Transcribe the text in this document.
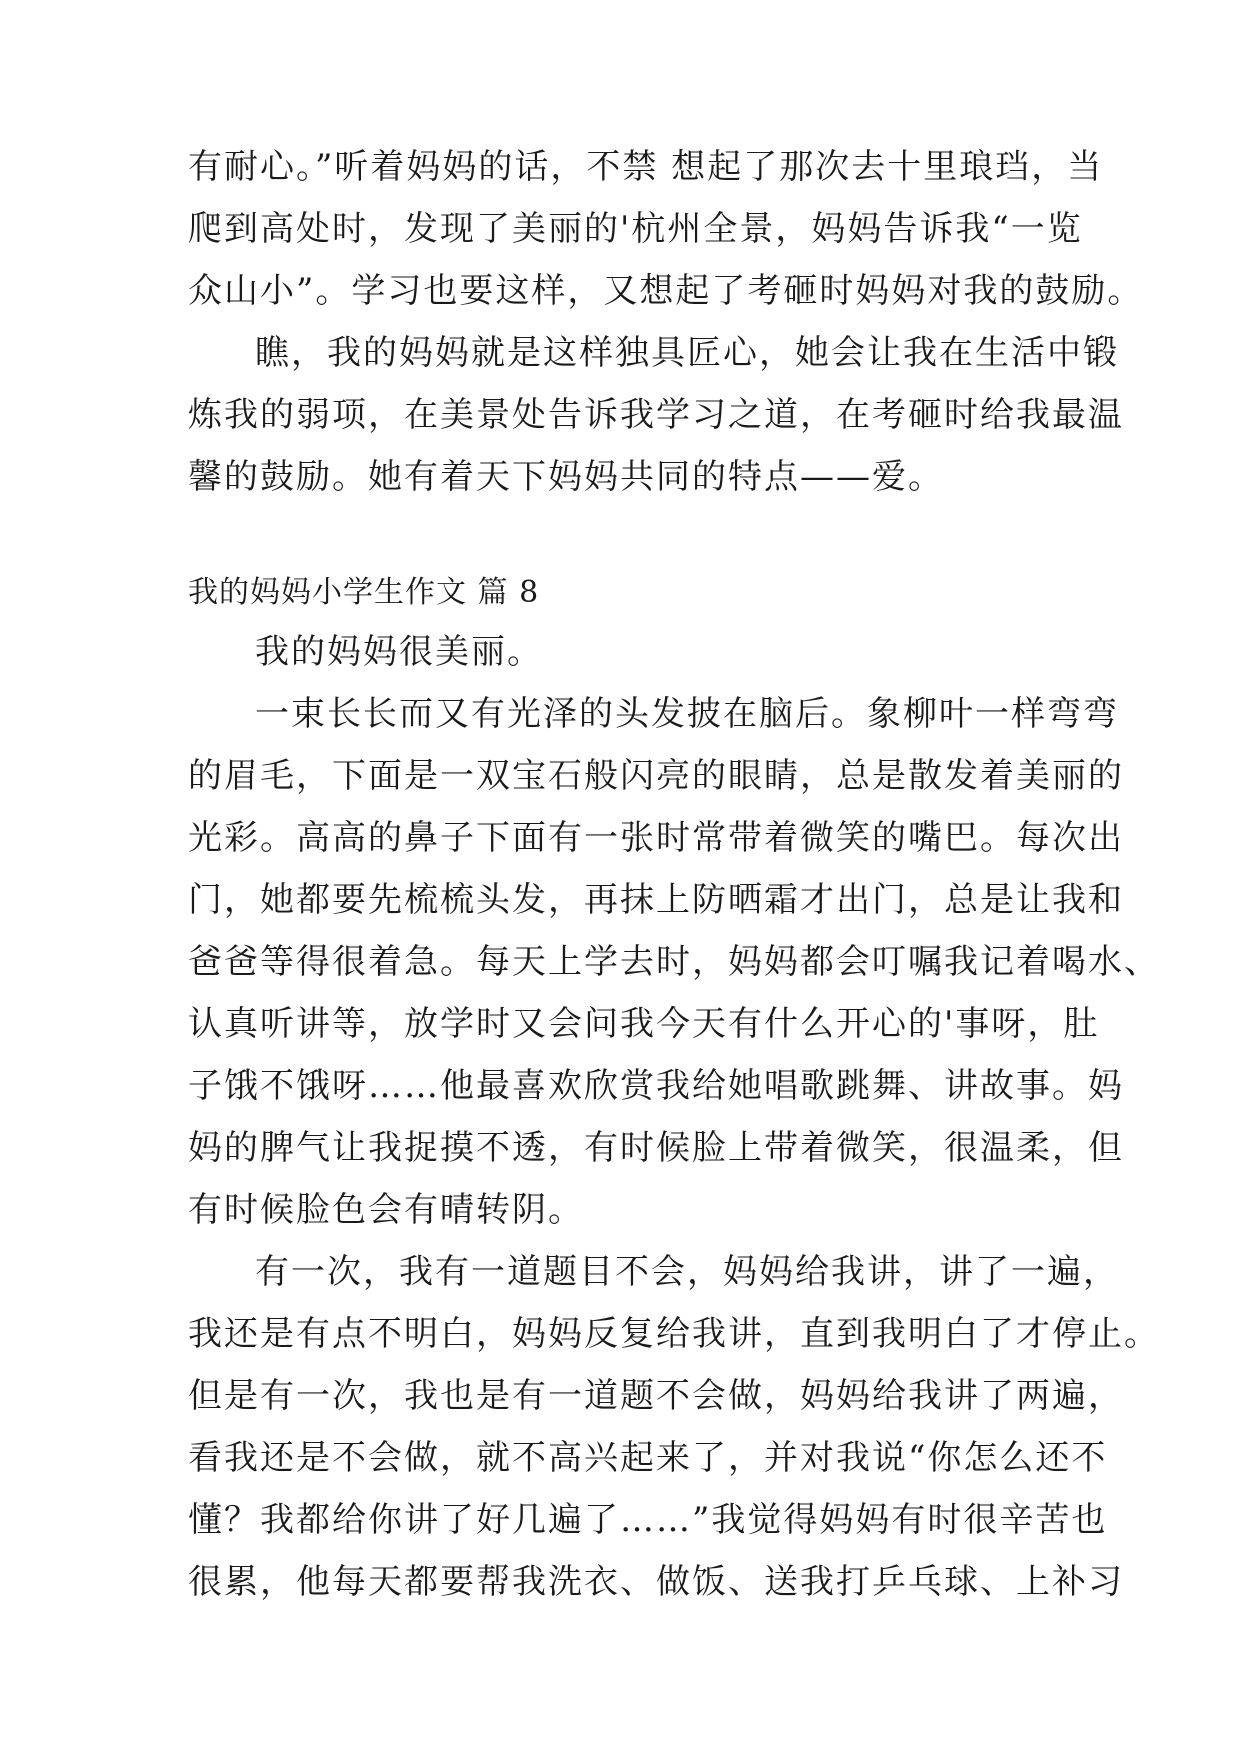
有耐心。”听着妈妈的话，不禁 想起了那次去十里琅珰，当
爬到高处时，发现了美丽的'杭州全景，妈妈告诉我“一览
众山小”。学习也要这样，又想起了考砸时妈妈对我的鼓励。
瞧，我的妈妈就是这样独具匠心，她会让我在生活中锻
炼我的弱项，在美景处告诉我学习之道，在考砸时给我最温
馨的鼓励。她有着天下妈妈共同的特点——爱。
我的妈妈小学生作文 篇 8
我的妈妈很美丽。
一束长长而又有光泽的头发披在脑后。象柳叶一样弯弯
的眉毛，下面是一双宝石般闪亮的眼睛，总是散发着美丽的
光彩。高高的鼻子下面有一张时常带着微笑的嘴巴。每次出
门，她都要先梳梳头发，再抹上防晒霜才出门，总是让我和
爸爸等得很着急。每天上学去时，妈妈都会叮嘱我记着喝水、
认真听讲等，放学时又会问我今天有什么开心的'事呀，肚
子饿不饿呀……他最喜欢欣赏我给她唱歌跳舞、讲故事。妈
妈的脾气让我捉摸不透，有时候脸上带着微笑，很温柔，但
有时候脸色会有晴转阴。
有一次，我有一道题目不会，妈妈给我讲，讲了一遍，
我还是有点不明白，妈妈反复给我讲，直到我明白了才停止。
但是有一次，我也是有一道题不会做，妈妈给我讲了两遍，
看我还是不会做，就不高兴起来了，并对我说“你怎么还不
懂？我都给你讲了好几遍了……”我觉得妈妈有时很辛苦也
很累，他每天都要帮我洗衣、做饭、送我打乒乓球、上补习
